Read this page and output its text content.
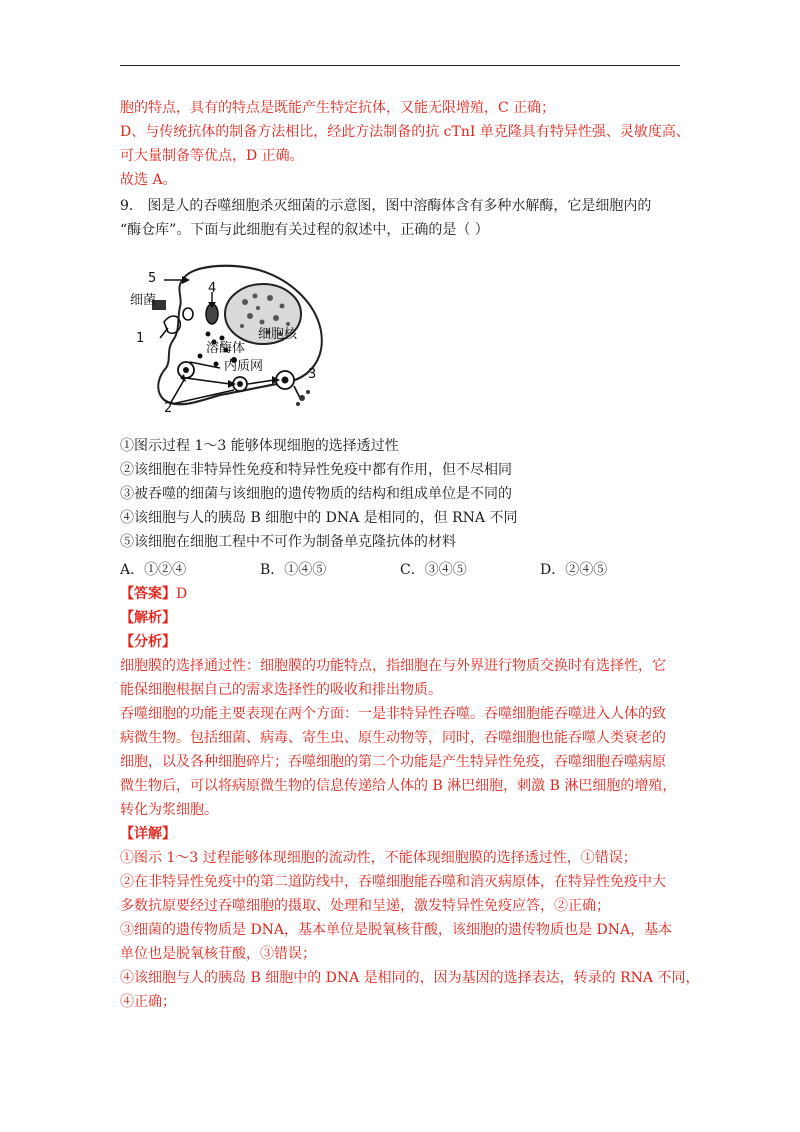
胞的特点，具有的特点是既能产生特定抗体，又能无限增殖，C 正确；
D、与传统抗体的制备方法相比，经此方法制备的抗 cTnI 单克隆具有特异性强、灵敏度高、
可大量制备等优点，D 正确。
故选 A。
9． 图是人的吞噬细胞杀灭细菌的示意图，图中溶酶体含有多种水解酶，它是细胞内的
“酶仓库”。下面与此细胞有关过程的叙述中，正确的是（ ）
5
4
细菌
1	细胞核
溶酶体
内质网
3
2
①图示过程 1～3 能够体现细胞的选择透过性
②该细胞在非特异性免疫和特异性免疫中都有作用，但不尽相同
③被吞噬的细菌与该细胞的遗传物质的结构和组成单位是不同的
④该细胞与人的胰岛 B 细胞中的 DNA 是相同的，但 RNA 不同
⑤该细胞在细胞工程中不可作为制备单克隆抗体的材料
A．①②④	B．①④⑤	C．③④⑤	D．②④⑤
【答案】D
【解析】
【分析】
细胞膜的选择通过性：细胞膜的功能特点，指细胞在与外界进行物质交换时有选择性，它
能保细胞根据自己的需求选择性的吸收和排出物质。
吞噬细胞的功能主要表现在两个方面：一是非特异性吞噬。吞噬细胞能吞噬进入人体的致
病微生物。包括细菌、病毒、寄生虫、原生动物等，同时，吞噬细胞也能吞噬人类衰老的
细胞，以及各种细胞碎片；吞噬细胞的第二个功能是产生特异性免疫，吞噬细胞吞噬病原
微生物后，可以将病原微生物的信息传递给人体的 B 淋巴细胞，刺激 B 淋巴细胞的增殖，
转化为浆细胞。
【详解】
①图示 1～3 过程能够体现细胞的流动性，不能体现细胞膜的选择透过性，①错误；
②在非特异性免疫中的第二道防线中，吞噬细胞能吞噬和消灭病原体，在特异性免疫中大
多数抗原要经过吞噬细胞的摄取、处理和呈递，激发特异性免疫应答，②正确；
③细菌的遗传物质是 DNA，基本单位是脱氧核苷酸，该细胞的遗传物质也是 DNA，基本
单位也是脱氧核苷酸，③错误；
④该细胞与人的胰岛 B 细胞中的 DNA 是相同的，因为基因的选择表达，转录的 RNA 不同，
④正确；
